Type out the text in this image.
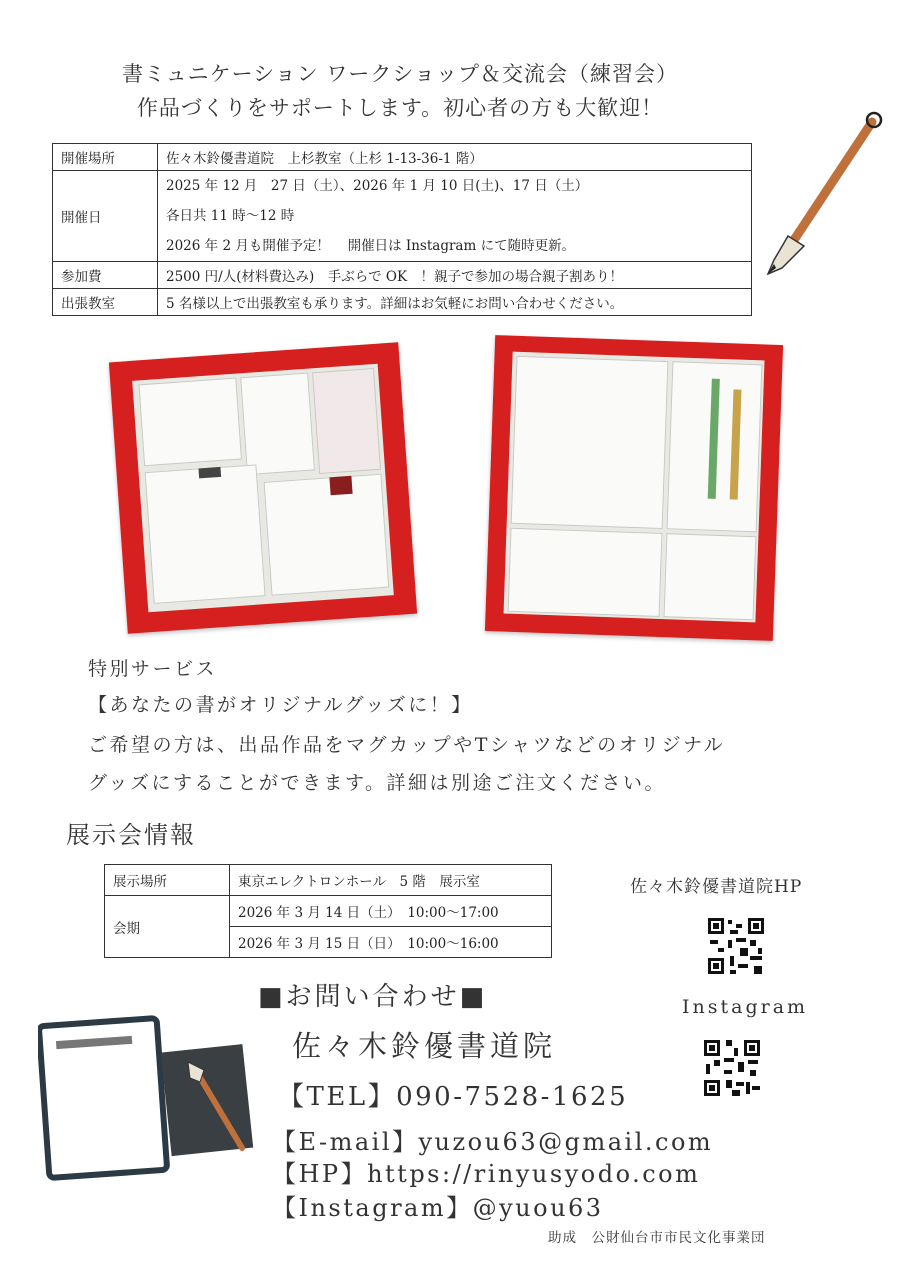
書ミュニケーション ワークショップ＆交流会（練習会）
作品づくりをサポートします。初心者の方も大歓迎！
開催場所	佐々木鈴優書道院　上杉教室（上杉 1-13-36-1 階）
開催日	2025 年 12 月　27 日（土）、2026 年 1 月 10 日(土)、17 日（土）
各日共 11 時～12 時
2026 年 2 月も開催予定！　 開催日は Instagram にて随時更新。

参加費	2500 円/人(材料費込み)　手ぶらで OK　！親子で参加の場合親子割あり！
出張教室	5 名様以上で出張教室も承ります。詳細はお気軽にお問い合わせください。
特別サービス
【あなたの書がオリジナルグッズに！】
ご希望の方は、出品作品をマグカップやTシャツなどのオリジナル
グッズにすることができます。詳細は別途ご注文ください。
展示会情報
展示場所	東京エレクトロンホール　5 階　展示室
会期	2026 年 3 月 14 日（土）　10:00～17:00
	2026 年 3 月 15 日（日）　10:00～16:00
佐々木鈴優書道院HP
Instagram
■お問い合わせ■
佐々木鈴優書道院
【TEL】090-7528-1625
【E-mail】yuzou63@gmail.com
【HP】https://rinyusyodo.com
【Instagram】@yuou63
助成　公財仙台市市民文化事業団
